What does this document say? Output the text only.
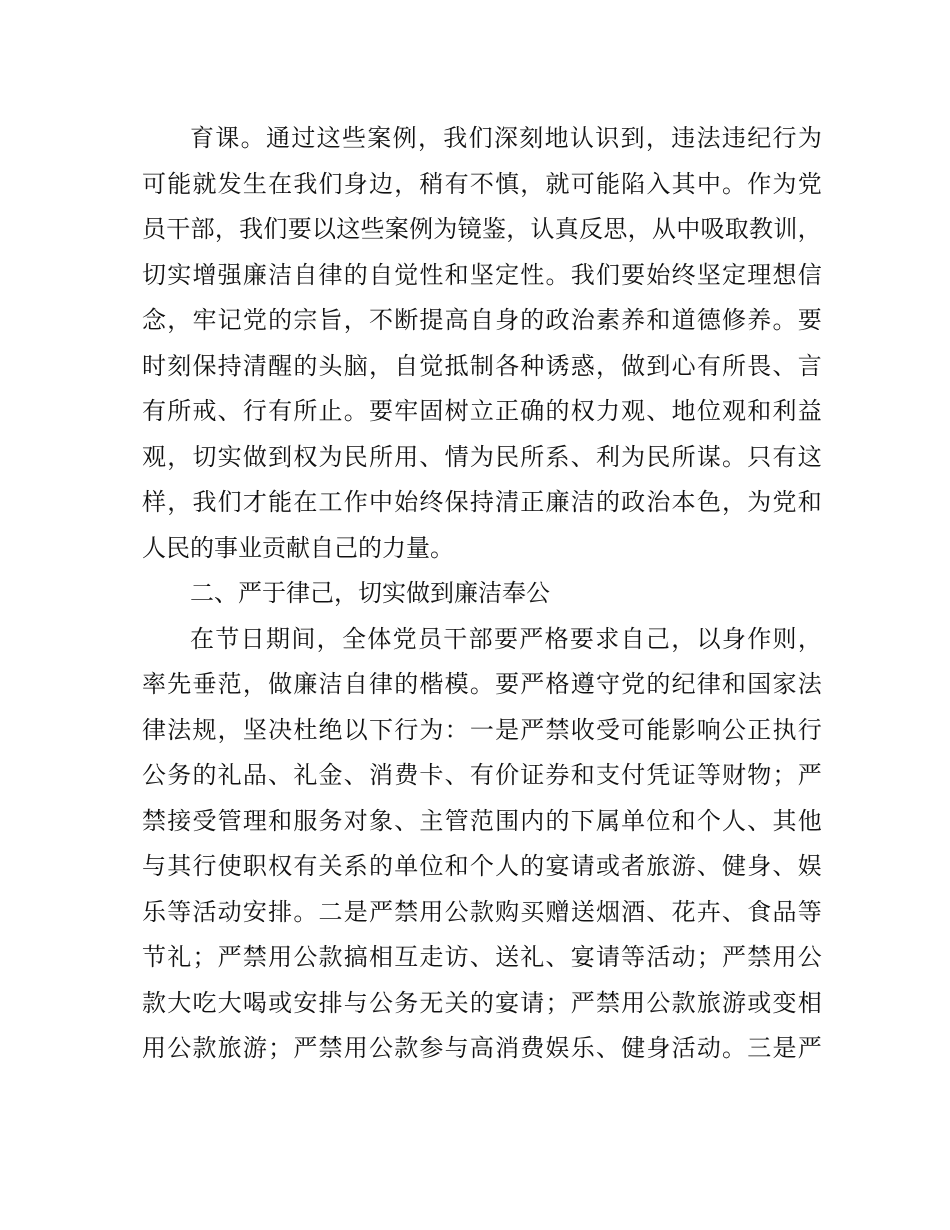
育 课 。 通 过 这 些 案 例 ， 我 们 深 刻 地 认 识 到 ， 违 法 违 纪 行 为
可 能 就 发 生 在 我 们 身 边 ， 稍 有 不 慎 ， 就 可 能 陷 入 其 中 。 作 为 党
员 干 部 ， 我 们 要 以 这 些 案 例 为 镜 鉴 ， 认 真 反 思 ， 从 中 吸 取 教 训 ，
切 实 增 强 廉 洁 自 律 的 自 觉 性 和 坚 定 性 。 我 们 要 始 终 坚 定 理 想 信
念 ， 牢 记 党 的 宗 旨 ， 不 断 提 高 自 身 的 政 治 素 养 和 道 德 修 养 。 要
时 刻 保 持 清 醒 的 头 脑 ， 自 觉 抵 制 各 种 诱 惑 ， 做 到 心 有 所 畏 、 言
有 所 戒 、 行 有 所 止 。 要 牢 固 树 立 正 确 的 权 力 观 、 地 位 观 和 利 益
观 ， 切 实 做 到 权 为 民 所 用 、 情 为 民 所 系 、 利 为 民 所 谋 。 只 有 这
样 ， 我 们 才 能 在 工 作 中 始 终 保 持 清 正 廉 洁 的 政 治 本 色 ， 为 党 和
人民的事业贡献自己的力量。
二、严于律己，切实做到廉洁奉公
在 节 日 期 间 ， 全 体 党 员 干 部 要 严 格 要 求 自 己 ， 以 身 作 则 ，
率 先 垂 范 ， 做 廉 洁 自 律 的 楷 模 。 要 严 格 遵 守 党 的 纪 律 和 国 家 法
律 法 规 ， 坚 决 杜 绝 以 下 行 为 ： 一 是 严 禁 收 受 可 能 影 响 公 正 执 行
公 务 的 礼 品 、 礼 金 、 消 费 卡 、 有 价 证 券 和 支 付 凭 证 等 财 物 ； 严
禁 接 受 管 理 和 服 务 对 象 、 主 管 范 围 内 的 下 属 单 位 和 个 人 、 其 他
与 其 行 使 职 权 有 关 系 的 单 位 和 个 人 的 宴 请 或 者 旅 游 、 健 身 、 娱
乐 等 活 动 安 排 。 二 是 严 禁 用 公 款 购 买 赠 送 烟 酒 、 花 卉 、 食 品 等
节 礼 ； 严 禁 用 公 款 搞 相 互 走 访 、 送 礼 、 宴 请 等 活 动 ； 严 禁 用 公
款 大 吃 大 喝 或 安 排 与 公 务 无 关 的 宴 请 ； 严 禁 用 公 款 旅 游 或 变 相
用 公 款 旅 游 ； 严 禁 用 公 款 参 与 高 消 费 娱 乐 、 健 身 活 动 。 三 是 严
